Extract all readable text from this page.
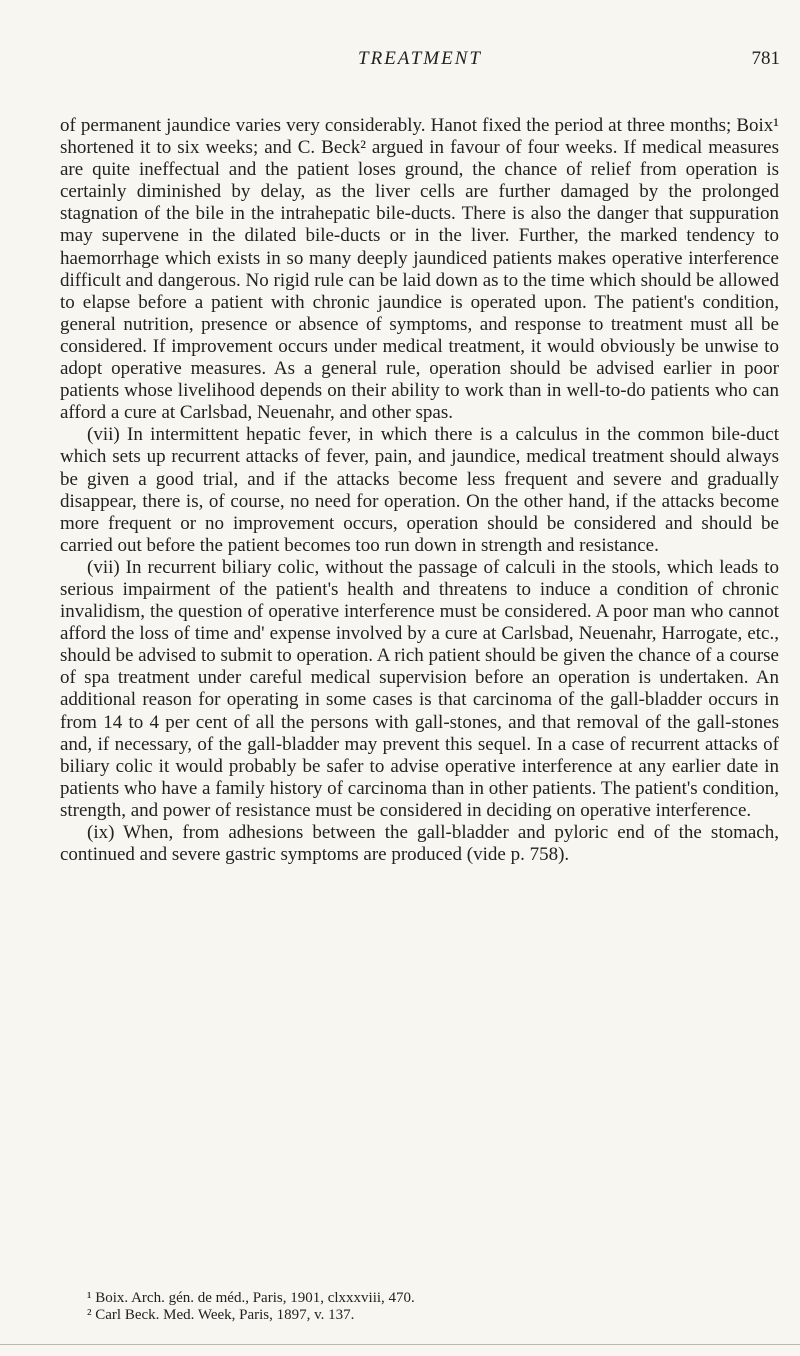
TREATMENT	781

of permanent jaundice varies very considerably. Hanot fixed the period at three months; Boix¹ shortened it to six weeks; and C. Beck² argued in favour of four weeks. If medical measures are quite ineffectual and the patient loses ground, the chance of relief from operation is certainly diminished by delay, as the liver cells are further damaged by the prolonged stagnation of the bile in the intrahepatic bile-ducts. There is also the danger that suppuration may supervene in the dilated bile-ducts or in the liver. Further, the marked tendency to haemorrhage which exists in so many deeply jaundiced patients makes operative interference difficult and dangerous. No rigid rule can be laid down as to the time which should be allowed to elapse before a patient with chronic jaundice is operated upon. The patient's condition, general nutrition, presence or absence of symptoms, and response to treatment must all be considered. If improvement occurs under medical treatment, it would obviously be unwise to adopt operative measures. As a general rule, operation should be advised earlier in poor patients whose livelihood depends on their ability to work than in well-to-do patients who can afford a cure at Carlsbad, Neuenahr, and other spas.

(vii) In intermittent hepatic fever, in which there is a calculus in the common bile-duct which sets up recurrent attacks of fever, pain, and jaundice, medical treatment should always be given a good trial, and if the attacks become less frequent and severe and gradually disappear, there is, of course, no need for operation. On the other hand, if the attacks become more frequent or no improvement occurs, operation should be considered and should be carried out before the patient becomes too run down in strength and resistance.

(vii) In recurrent biliary colic, without the passage of calculi in the stools, which leads to serious impairment of the patient's health and threatens to induce a condition of chronic invalidism, the question of operative interference must be considered. A poor man who cannot afford the loss of time and' expense involved by a cure at Carlsbad, Neuenahr, Harrogate, etc., should be advised to submit to operation. A rich patient should be given the chance of a course of spa treatment under careful medical supervision before an operation is undertaken. An additional reason for operating in some cases is that carcinoma of the gall-bladder occurs in from 14 to 4 per cent of all the persons with gall-stones, and that removal of the gall-stones and, if necessary, of the gall-bladder may prevent this sequel. In a case of recurrent attacks of biliary colic it would probably be safer to advise operative interference at any earlier date in patients who have a family history of carcinoma than in other patients. The patient's condition, strength, and power of resistance must be considered in deciding on operative interference.

(ix) When, from adhesions between the gall-bladder and pyloric end of the stomach, continued and severe gastric symptoms are produced (vide p. 758).

¹ Boix. Arch. gén. de méd., Paris, 1901, clxxxviii, 470.

² Carl Beck. Med. Week, Paris, 1897, v. 137.
